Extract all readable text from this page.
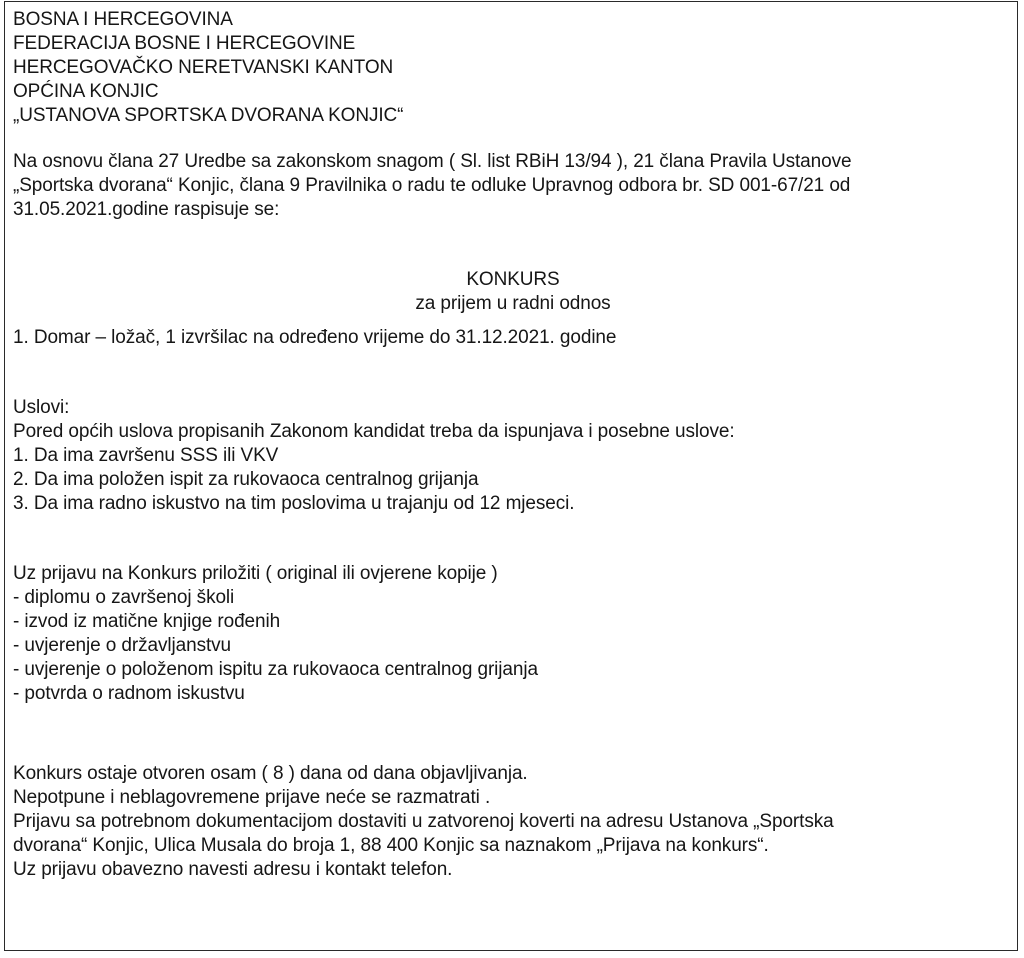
BOSNA I HERCEGOVINA
FEDERACIJA BOSNE I HERCEGOVINE
HERCEGOVAČKO NERETVANSKI KANTON
OPĆINA KONJIC
„USTANOVA SPORTSKA DVORANA KONJIC“
Na osnovu člana 27 Uredbe sa zakonskom snagom ( Sl. list RBiH 13/94 ), 21 člana Pravila Ustanove
„Sportska dvorana“ Konjic, člana 9 Pravilnika o radu te odluke Upravnog odbora br. SD 001-67/21 od
31.05.2021.godine raspisuje se:
KONKURS
za prijem u radni odnos
1. Domar – ložač, 1 izvršilac na određeno vrijeme do 31.12.2021. godine
Uslovi:
Pored općih uslova propisanih Zakonom kandidat treba da ispunjava i posebne uslove:
1. Da ima završenu SSS ili VKV
2. Da ima položen ispit za rukovaoca centralnog grijanja
3. Da ima radno iskustvo na tim poslovima u trajanju od 12 mjeseci.
Uz prijavu na Konkurs priložiti ( original ili ovjerene kopije )
- diplomu o završenoj školi
- izvod iz matične knjige rođenih
- uvjerenje o državljanstvu
- uvjerenje o položenom ispitu za rukovaoca centralnog grijanja
- potvrda o radnom iskustvu
Konkurs ostaje otvoren osam ( 8 ) dana od dana objavljivanja.
Nepotpune i neblagovremene prijave neće se razmatrati .
Prijavu sa potrebnom dokumentacijom dostaviti u zatvorenoj koverti na adresu Ustanova „Sportska
dvorana“ Konjic, Ulica Musala do broja 1, 88 400 Konjic sa naznakom „Prijava na konkurs“.
Uz prijavu obavezno navesti adresu i kontakt telefon.
